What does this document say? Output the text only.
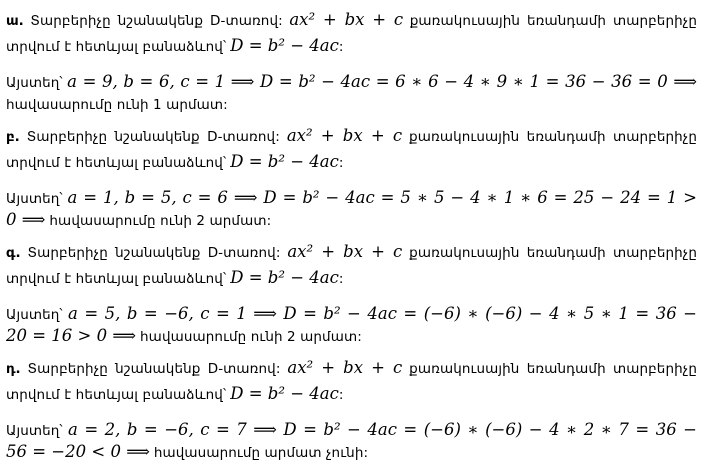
ա. Տարբերիչը նշանակենք D-տառով: ax² + bx + c քառակուսային եռանդամի տարբերիչը
տրվում է հետևյալ բանաձևով՝ D = b² − 4ac:
Այստեղ՝ a = 9, b = 6, c = 1 ⟹ D = b² − 4ac = 6 ∗ 6 − 4 ∗ 9 ∗ 1 = 36 − 36 = 0 ⟹
հավասարումը ունի 1 արմատ:
բ. Տարբերիչը նշանակենք D-տառով: ax² + bx + c քառակուսային եռանդամի տարբերիչը
տրվում է հետևյալ բանաձևով՝ D = b² − 4ac:
Այստեղ՝ a = 1, b = 5, c = 6 ⟹ D = b² − 4ac = 5 ∗ 5 − 4 ∗ 1 ∗ 6 = 25 − 24 = 1 >
0 ⟹ հավասարումը ունի 2 արմատ:
գ. Տարբերիչը նշանակենք D-տառով: ax² + bx + c քառակուսային եռանդամի տարբերիչը
տրվում է հետևյալ բանաձևով՝ D = b² − 4ac:
Այստեղ՝ a = 5, b = −6, c = 1 ⟹ D = b² − 4ac = (−6) ∗ (−6) − 4 ∗ 5 ∗ 1 = 36 −
20 = 16 > 0 ⟹ հավասարումը ունի 2 արմատ:
դ. Տարբերիչը նշանակենք D-տառով: ax² + bx + c քառակուսային եռանդամի տարբերիչը
տրվում է հետևյալ բանաձևով՝ D = b² − 4ac:
Այստեղ՝ a = 2, b = −6, c = 7 ⟹ D = b² − 4ac = (−6) ∗ (−6) − 4 ∗ 2 ∗ 7 = 36 −
56 = −20 < 0 ⟹ հավասարումը արմատ չունի:
